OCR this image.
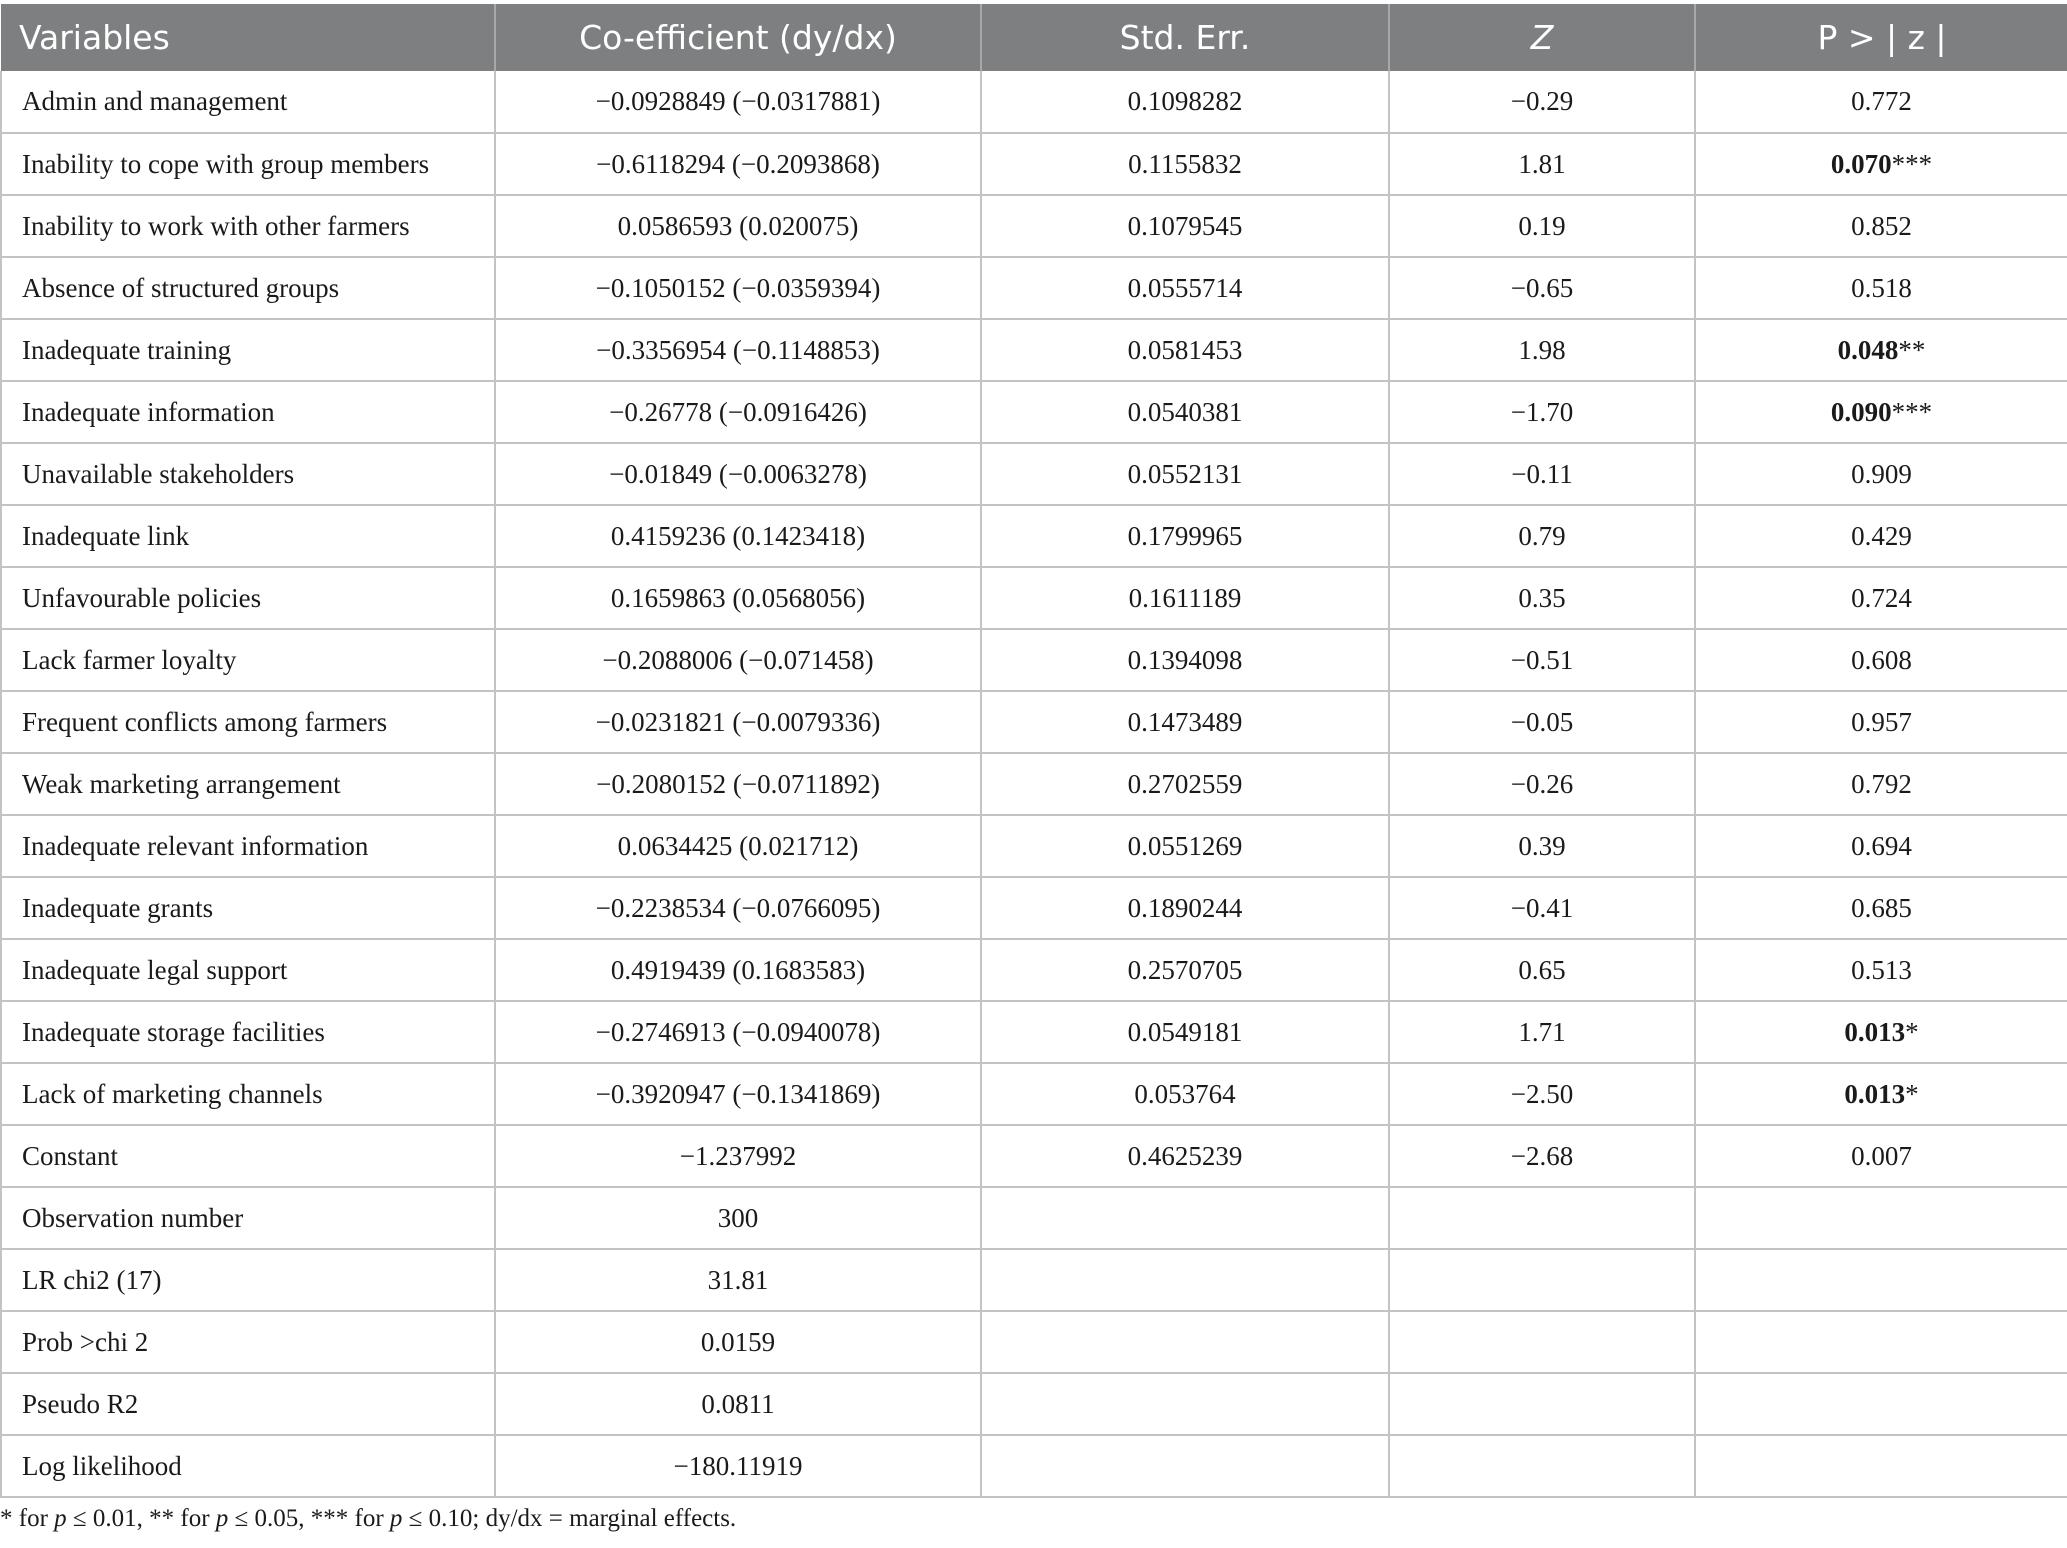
Variables	Co-efficient (dy/dx)	Std. Err.	Z	P > | z |
Admin and management	−0.0928849 (−0.0317881)	0.1098282	−0.29	0.772
Inability to cope with group members	−0.6118294 (−0.2093868)	0.1155832	1.81	0.070***
Inability to work with other farmers	0.0586593 (0.020075)	0.1079545	0.19	0.852
Absence of structured groups	−0.1050152 (−0.0359394)	0.0555714	−0.65	0.518
Inadequate training	−0.3356954 (−0.1148853)	0.0581453	1.98	0.048**
Inadequate information	−0.26778 (−0.0916426)	0.0540381	−1.70	0.090***
Unavailable stakeholders	−0.01849 (−0.0063278)	0.0552131	−0.11	0.909
Inadequate link	0.4159236 (0.1423418)	0.1799965	0.79	0.429
Unfavourable policies	0.1659863 (0.0568056)	0.1611189	0.35	0.724
Lack farmer loyalty	−0.2088006 (−0.071458)	0.1394098	−0.51	0.608
Frequent conflicts among farmers	−0.0231821 (−0.0079336)	0.1473489	−0.05	0.957
Weak marketing arrangement	−0.2080152 (−0.0711892)	0.2702559	−0.26	0.792
Inadequate relevant information	0.0634425 (0.021712)	0.0551269	0.39	0.694
Inadequate grants	−0.2238534 (−0.0766095)	0.1890244	−0.41	0.685
Inadequate legal support	0.4919439 (0.1683583)	0.2570705	0.65	0.513
Inadequate storage facilities	−0.2746913 (−0.0940078)	0.0549181	1.71	0.013*
Lack of marketing channels	−0.3920947 (−0.1341869)	0.053764	−2.50	0.013*
Constant	−1.237992	0.4625239	−2.68	0.007
Observation number	300			
LR chi2 (17)	31.81			
Prob >chi 2	0.0159			
Pseudo R2	0.0811			
Log likelihood	−180.11919			
* for p ≤ 0.01, ** for p ≤ 0.05, *** for p ≤ 0.10; dy/dx = marginal effects.
